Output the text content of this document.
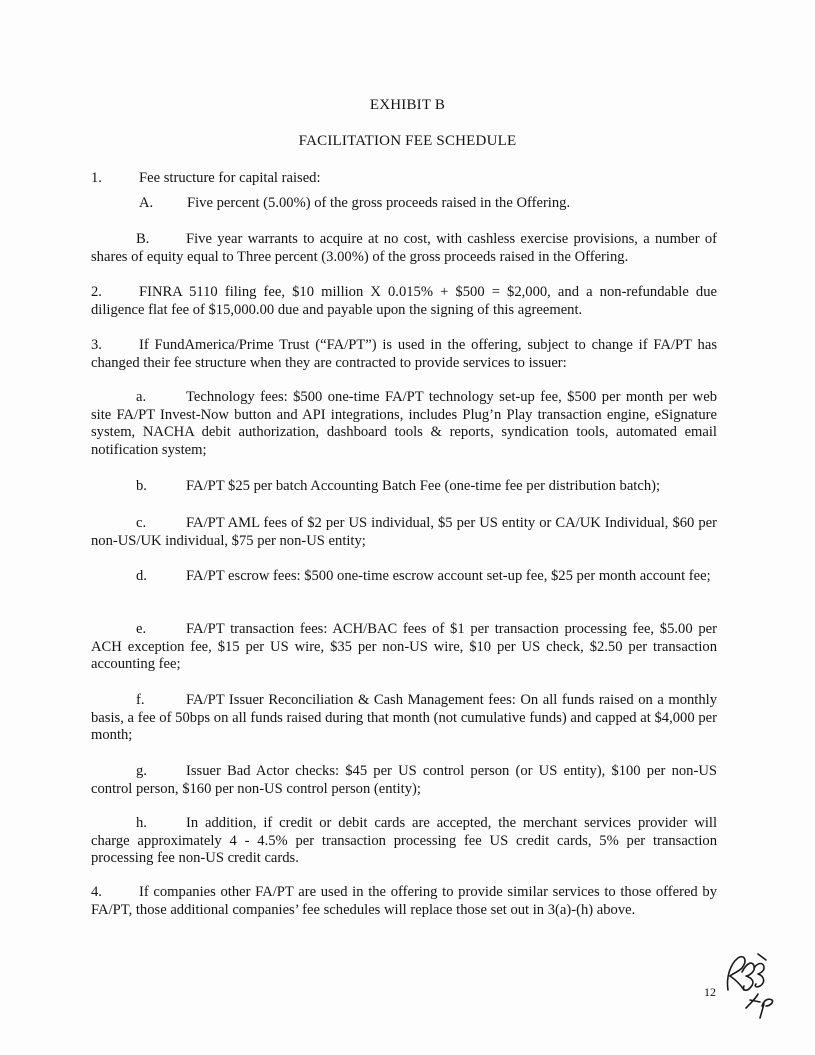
EXHIBIT B
FACILITATION FEE SCHEDULE
1.	Fee structure for capital raised:
A. Five percent (5.00%) of the gross proceeds raised in the Offering.
B.	Five year warrants to acquire at no cost, with cashless exercise provisions, a number of shares of equity equal to Three percent (3.00%) of the gross proceeds raised in the Offering.
2.	FINRA 5110 filing fee, $10 million X 0.015% + $500 = $2,000, and a non-refundable due diligence flat fee of $15,000.00 due and payable upon the signing of this agreement.
3.	If FundAmerica/Prime Trust (“FA/PT”) is used in the offering, subject to change if FA/PT has changed their fee structure when they are contracted to provide services to issuer:
a.	Technology fees: $500 one-time FA/PT technology set-up fee, $500 per month per web site FA/PT Invest-Now button and API integrations, includes Plug’n Play transaction engine, eSignature system, NACHA debit authorization, dashboard tools & reports, syndication tools, automated email notification system;
b.	FA/PT $25 per batch Accounting Batch Fee (one-time fee per distribution batch);
c.	FA/PT AML fees of $2 per US individual, $5 per US entity or CA/UK Individual, $60 per non-US/UK individual, $75 per non-US entity;
d.	FA/PT escrow fees: $500 one-time escrow account set-up fee, $25 per month account fee;
e.	FA/PT transaction fees: ACH/BAC fees of $1 per transaction processing fee, $5.00 per ACH exception fee, $15 per US wire, $35 per non-US wire, $10 per US check, $2.50 per transaction accounting fee;
f.	FA/PT Issuer Reconciliation & Cash Management fees: On all funds raised on a monthly basis, a fee of 50bps on all funds raised during that month (not cumulative funds) and capped at $4,000 per month;
g.	Issuer Bad Actor checks: $45 per US control person (or US entity), $100 per non-US control person, $160 per non-US control person (entity);
h.	In addition, if credit or debit cards are accepted, the merchant services provider will charge approximately 4 - 4.5% per transaction processing fee US credit cards, 5% per transaction processing fee non-US credit cards.
4.	If companies other FA/PT are used in the offering to provide similar services to those offered by FA/PT, those additional companies’ fee schedules will replace those set out in 3(a)-(h) above.
12
